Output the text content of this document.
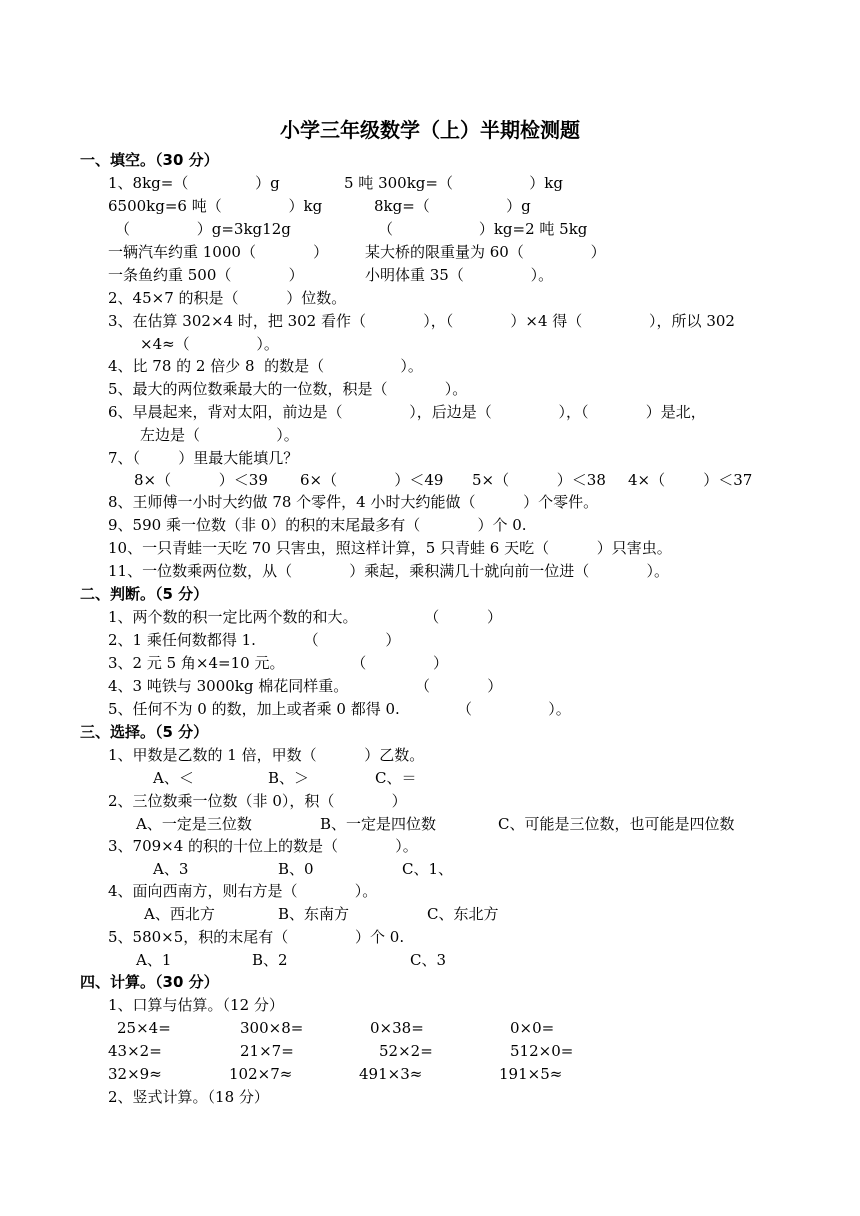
小学三年级数学（上）半期检测题
一、填空。（30 分）
1、8kg=（              ）g	5 吨 300kg=（                ）kg
6500kg=6 吨（              ）kg	8kg=（                ）g
（              ）g=3kg12g	（                  ）kg=2 吨 5kg
一辆汽车约重 1000（            ） 某大桥的限重量为 60（              ）
一条鱼约重 500（            ）	小明体重 35（              ）。
2、45×7 的积是（          ）位数。
3、在估算 302×4 时，把 302 看作（            ），（            ）×4 得（              ），所以 302
×4≈（              ）。
4、比 78 的 2 倍少 8  的数是（                ）。
5、最大的两位数乘最大的一位数，积是（            ）。
6、早晨起来，背对太阳，前边是（              ），后边是（              ），（            ）是北，
左边是（                ）。
7、（        ）里最大能填几？
8×（          ）＜39 6×（            ）＜49 5×（          ）＜38 4×（        ）＜37
8、王师傅一小时大约做 78 个零件，4 小时大约能做（          ）个零件。
9、590 乘一位数（非 0）的积的末尾最多有（            ）个 0.
10、一只青蛙一天吃 70 只害虫，照这样计算，5 只青蛙 6 天吃（          ）只害虫。
11、一位数乘两位数，从（            ）乘起，乘积满几十就向前一位进（            ）。
二、判断。（5 分）
1、两个数的积一定比两个数的和大。              （          ）
2、1 乘任何数都得 1.          （              ）
3、2 元 5 角×4=10 元。              （              ）
4、3 吨铁与 3000kg 棉花同样重。              （            ）
5、任何不为 0 的数，加上或者乘 0 都得 0.            （                ）。
三、选择。（5 分）
1、甲数是乙数的 1 倍，甲数（          ）乙数。
A、＜	B、＞	C、＝
2、三位数乘一位数（非 0），积（            ）
A、一定是三位数	B、一定是四位数	C、可能是三位数，也可能是四位数
3、709×4 的积的十位上的数是（            ）。
A、3	B、0	C、1、
4、面向西南方，则右方是（            ）。
A、西北方	B、东南方	C、东北方
5、580×5，积的末尾有（              ）个 0.
A、1	B、2	C、3
四、计算。（30 分）
1、口算与估算。（12 分）
25×4=	300×8=	0×38=	0×0=
43×2=	21×7=	52×2=	512×0=
32×9≈	102×7≈	491×3≈	191×5≈
2、竖式计算。（18 分）
